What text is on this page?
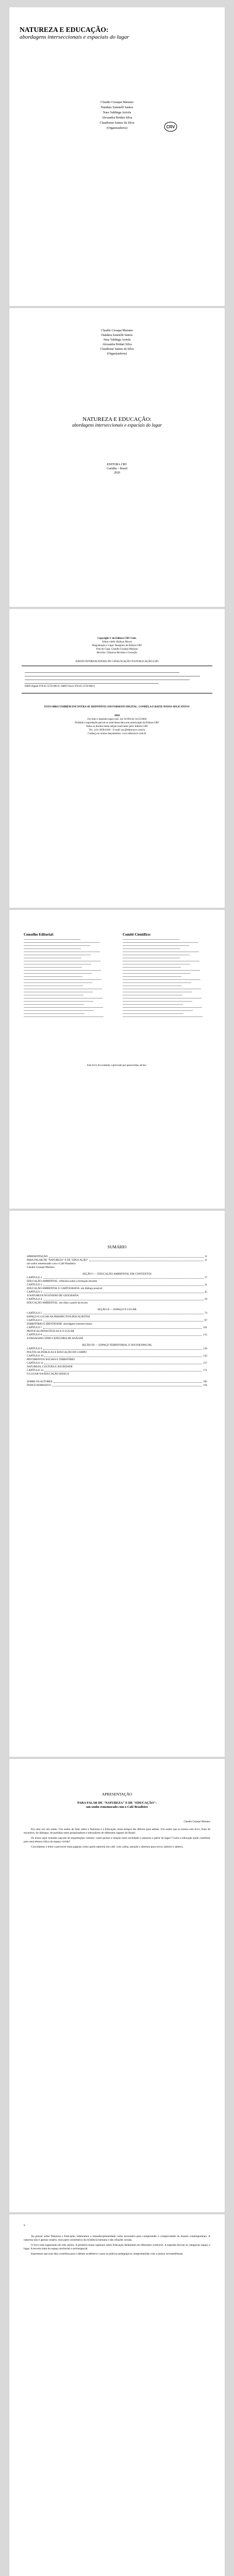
NATUREZA E EDUCAÇÃO:
abordagens interseccionais e espaciais do lugar
Claudio Cezaqui Mariano
Dandara Zanetelli Santos
Nara Valdinga Arriola
Alexandra Bridart Silva
Claudionar Santos da Silva
(Organizadores)	CRV
Claudio Cezaqui Mariano
Dandara Zanetelli Santos
Nara Valdinga Arriola
Alexandra Bridart Silva
Claudionar Santos da Silva
(Organizadores)
NATUREZA E EDUCAÇÃO:
abordagens interseccionais e espaciais do lugar
EDITORA CRV
Curitiba – Brasil
2020
Copyright © da Editora CRV Ltda.
Editor-chefe: Railson Moura
Diagramação e Capa: Designers da Editora CRV
Foto de Capa: Claudio Cezaqui Mariano
Revisão: Clássicos Revisão e Correção
DADOS INTERNACIONAIS DE CATALOGAÇÃO NA PUBLICAÇÃO (CIP)
ISBN Digital 978-65-5578-000-0 | ISBN Físico 978-65-5578-000-0
ESTA OBRA TAMBÉM ENCONTRA-SE DISPONÍVEL EM FORMATO DIGITAL. CONHEÇA E BAIXE NOSSO APLICATIVO!
2020
Foi feito o depósito legal conf. Lei 10.994 de 14/12/2004
Proibida a reprodução parcial ou total desta obra sem autorização da Editora CRV
Todos os direitos desta edição reservados pela: Editora CRV
Tel.: (41) 3039-6418 – E-mail: sac@editoracrv.com.br
Conheça os nossos lançamentos: www.editoracrv.com.br
Conselho Editorial:	Comitê Científico:
Este livro foi avaliado e aprovado por pareceristas ad hoc.
SUMÁRIO
APRESENTAÇÃO	11
PARA FALAR DE "NATUREZA" E DE "EDUCAÇÃO"	11
um sonho rememorado com o Café Brasileiro
Claudio Cezaqui Mariano
SEÇÃO I — EDUCAÇÃO AMBIENTAL EM CONTEXTOS
CAPÍTULO 1	17
EDUCAÇÃO AMBIENTAL: reflexões sobre a formação docente
CAPÍTULO 2	31
EDUCAÇÃO AMBIENTAL E CARTOGRAFIA: um diálogo possível
CAPÍTULO 3	45
A NATUREZA NO ENSINO DE GEOGRAFIA
CAPÍTULO 4	59
EDUCAÇÃO AMBIENTAL: um olhar a partir da escola
SEÇÃO II — ESPAÇO E LUGAR
CAPÍTULO 5	73
ESPAÇO E LUGAR NA PERSPECTIVA DOS SUJEITOS
CAPÍTULO 6	87
TERRITÓRIO E IDENTIDADE: abordagens interseccionais
CAPÍTULO 7	101
PRÁTICAS PEDAGÓGICAS E O LUGAR
CAPÍTULO 8	115
A PAISAGEM COMO CATEGORIA DE ANÁLISE
SEÇÃO III — ESPAÇO TERRITORIAL E SOCIOESPACIAL
CAPÍTULO 9	129
POLÍTICAS PÚBLICAS E EDUCAÇÃO DO CAMPO
CAPÍTULO 10	143
MOVIMENTOS SOCIAIS E TERRITÓRIO
CAPÍTULO 11	157
NATUREZA, CULTURA E SOCIEDADE
CAPÍTULO 12	171
O LUGAR NA EDUCAÇÃO BÁSICA
SOBRE OS AUTORES	185
ÍNDICE REMISSIVO	191
APRESENTAÇÃO
PARA FALAR DE "NATUREZA" E DE "EDUCAÇÃO": um sonho rememorado com o Café Brasileiro
Claudio Cezaqui Mariano

Era uma vez um sonho. Um sonho de falar sobre a Natureza e a Educação, nesta tempos tão difíceis para ambas. Um sonho que se tornou este livro, fruto de encontros, de diálogos, de partilhas entre pesquisadores e educadores de diferentes lugares do Brasil.

Os textos aqui reunidos nascem de inquietações comuns: como pensar a relação entre sociedade e natureza a partir do lugar? Como a educação pode contribuir para uma leitura crítica do espaço vivido?

Convidamos o leitor a percorrer estas páginas como quem saboreia um café: com calma, atenção e abertura para novos sabores e saberes.

9

Ao pensar sobre Natureza e Educação, lembramos a transdisciplinaridade como necessária para compreender a complexidade do mundo contemporâneo. A natureza não é apenas cenário, mas parte constitutiva da existência humana e das relações sociais.

O livro está organizado em três seções. A primeira reúne capítulos sobre Educação Ambiental em diferentes contextos. A segunda discute as categorias espaço e lugar. A terceira trata do espaço territorial e socioespacial.

Esperamos que esta obra contribua para o debate acadêmico e para as práticas pedagógicas comprometidas com a justiça socioambiental.
